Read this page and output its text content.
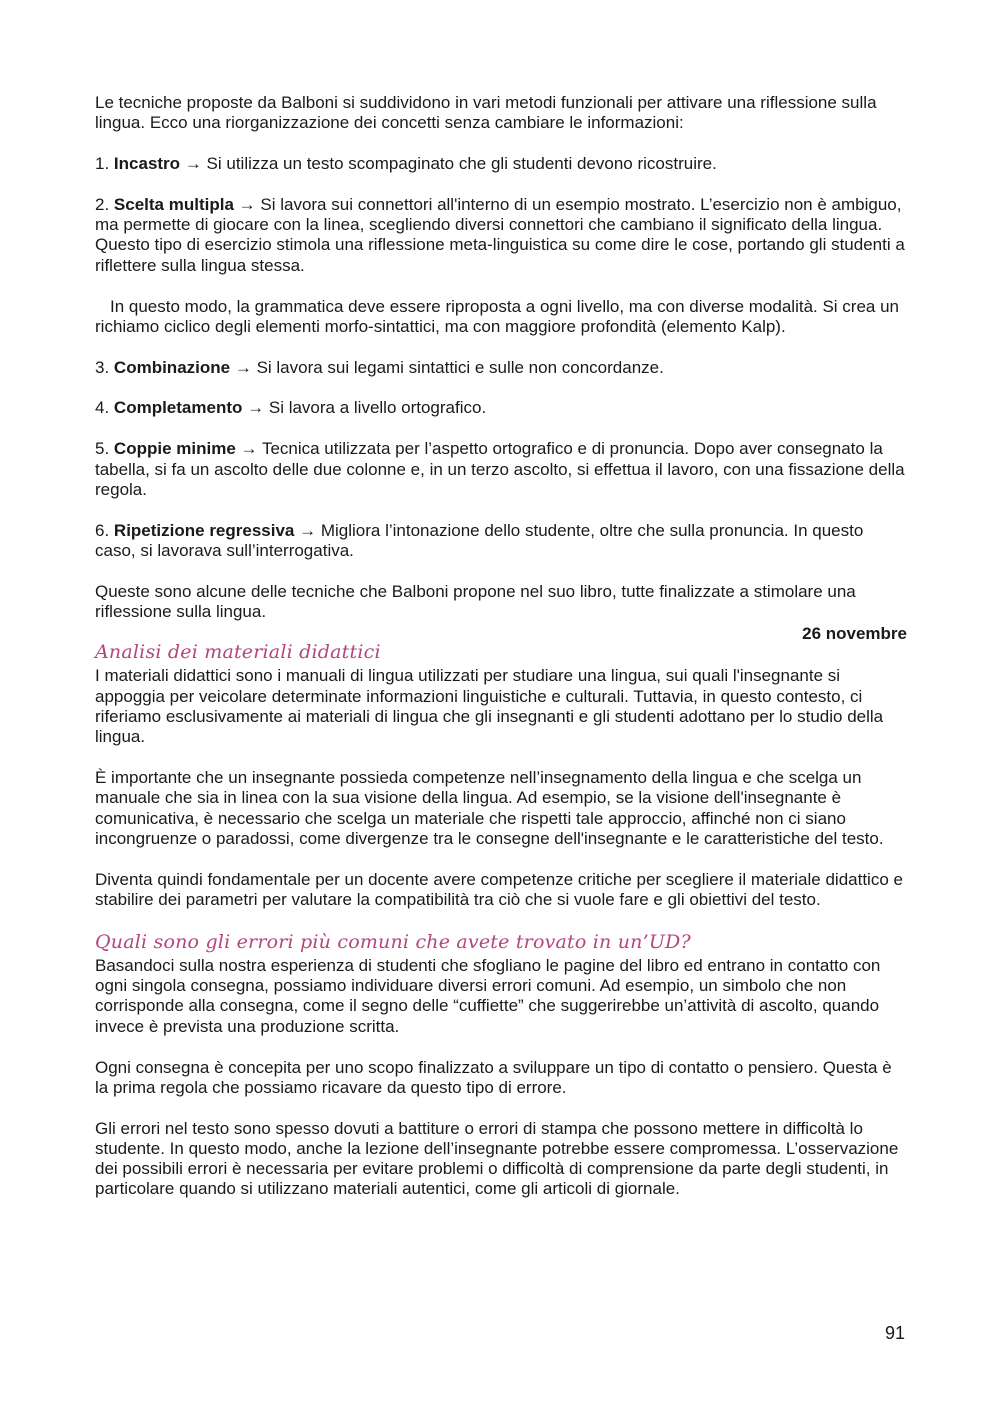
Le tecniche proposte da Balboni si suddividono in vari metodi funzionali per attivare una riflessione sulla lingua. Ecco una riorganizzazione dei concetti senza cambiare le informazioni:

1. Incastro → Si utilizza un testo scompaginato che gli studenti devono ricostruire.

2. Scelta multipla → Si lavora sui connettori all'interno di un esempio mostrato. L’esercizio non è ambiguo, ma permette di giocare con la linea, scegliendo diversi connettori che cambiano il significato della lingua. Questo tipo di esercizio stimola una riflessione meta-linguistica su come dire le cose, portando gli studenti a riflettere sulla lingua stessa.

In questo modo, la grammatica deve essere riproposta a ogni livello, ma con diverse modalità. Si crea un richiamo ciclico degli elementi morfo-sintattici, ma con maggiore profondità (elemento Kalp).

3. Combinazione → Si lavora sui legami sintattici e sulle non concordanze.

4. Completamento → Si lavora a livello ortografico.

5. Coppie minime → Tecnica utilizzata per l’aspetto ortografico e di pronuncia. Dopo aver consegnato la tabella, si fa un ascolto delle due colonne e, in un terzo ascolto, si effettua il lavoro, con una fissazione della regola.

6. Ripetizione regressiva → Migliora l’intonazione dello studente, oltre che sulla pronuncia. In questo caso, si lavorava sull’interrogativa.

Queste sono alcune delle tecniche che Balboni propone nel suo libro, tutte finalizzate a stimolare una riflessione sulla lingua.

26 novembre
Analisi dei materiali didattici

I materiali didattici sono i manuali di lingua utilizzati per studiare una lingua, sui quali l'insegnante si appoggia per veicolare determinate informazioni linguistiche e culturali. Tuttavia, in questo contesto, ci riferiamo esclusivamente ai materiali di lingua che gli insegnanti e gli studenti adottano per lo studio della lingua.

È importante che un insegnante possieda competenze nell’insegnamento della lingua e che scelga un manuale che sia in linea con la sua visione della lingua. Ad esempio, se la visione dell'insegnante è comunicativa, è necessario che scelga un materiale che rispetti tale approccio, affinché non ci siano incongruenze o paradossi, come divergenze tra le consegne dell'insegnante e le caratteristiche del testo.

Diventa quindi fondamentale per un docente avere competenze critiche per scegliere il materiale didattico e stabilire dei parametri per valutare la compatibilità tra ciò che si vuole fare e gli obiettivi del testo.

Quali sono gli errori più comuni che avete trovato in un’UD?

Basandoci sulla nostra esperienza di studenti che sfogliano le pagine del libro ed entrano in contatto con ogni singola consegna, possiamo individuare diversi errori comuni. Ad esempio, un simbolo che non corrisponde alla consegna, come il segno delle “cuffiette” che suggerirebbe un’attività di ascolto, quando invece è prevista una produzione scritta.

Ogni consegna è concepita per uno scopo finalizzato a sviluppare un tipo di contatto o pensiero. Questa è la prima regola che possiamo ricavare da questo tipo di errore.

Gli errori nel testo sono spesso dovuti a battiture o errori di stampa che possono mettere in difficoltà lo studente. In questo modo, anche la lezione dell’insegnante potrebbe essere compromessa. L’osservazione dei possibili errori è necessaria per evitare problemi o difficoltà di comprensione da parte degli studenti, in particolare quando si utilizzano materiali autentici, come gli articoli di giornale.

91
